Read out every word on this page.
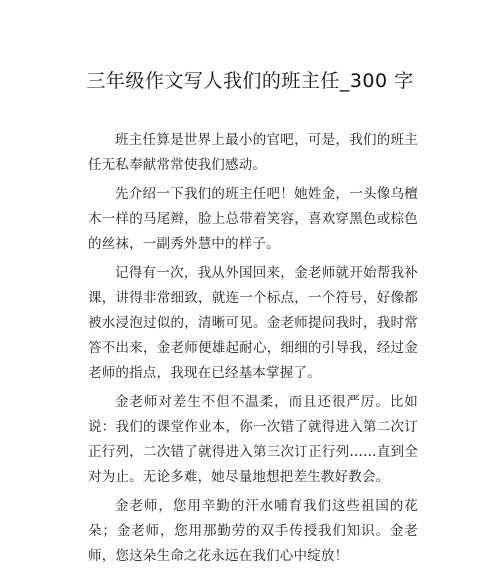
三年级作文写人我们的班主任_300 字

班主任算是世界上最小的官吧，可是，我们的班主任无私奉献常常使我们感动。

先介绍一下我们的班主任吧！她姓金，一头像乌檀木一样的马尾辫，脸上总带着笑容，喜欢穿黑色或棕色的丝袜，一副秀外慧中的样子。

记得有一次，我从外国回来，金老师就开始帮我补课，讲得非常细致，就连一个标点，一个符号，好像都被水浸泡过似的，清晰可见。金老师提问我时，我时常答不出来，金老师便雄起耐心，细细的引导我，经过金老师的指点，我现在已经基本掌握了。

金老师对差生不但不温柔，而且还很严厉。比如说：我们的课堂作业本，你一次错了就得进入第二次订正行列，二次错了就得进入第三次订正行列……直到全对为止。无论多难，她尽量地想把差生教好教会。

金老师，您用辛勤的汗水哺育我们这些祖国的花朵；金老师，您用那勤劳的双手传授我们知识。金老师，您这朵生命之花永远在我们心中绽放！
